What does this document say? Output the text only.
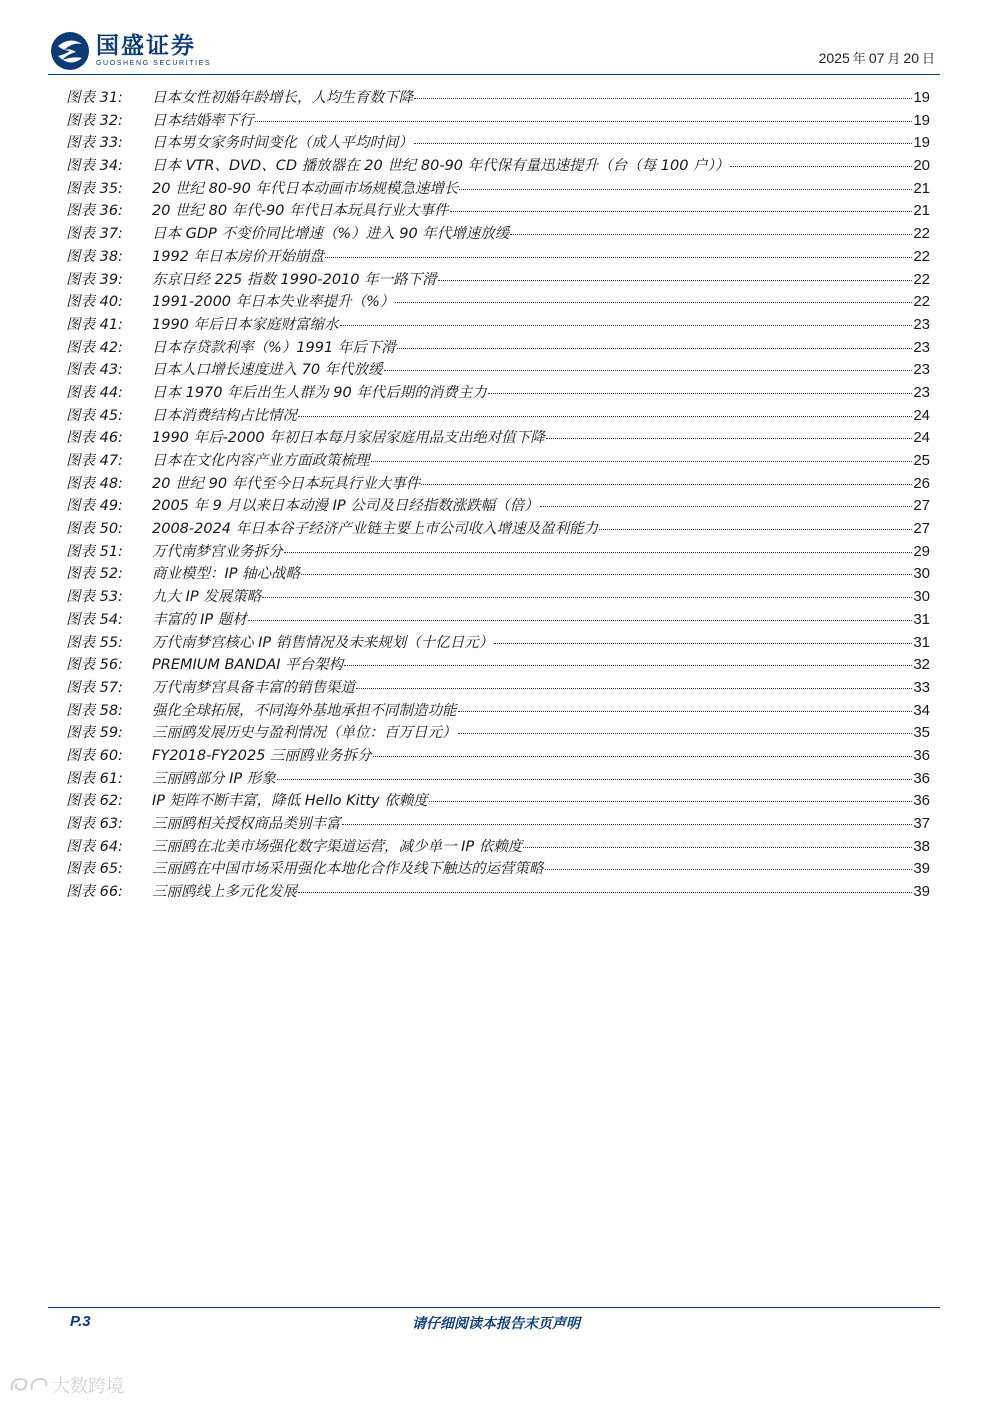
国盛证券
GUOSHENG SECURITIES	2025 年 07 月 20 日
图表 31:	日本女性初婚年龄增长，人均生育数下降	19
图表 32:	日本结婚率下行	19
图表 33:	日本男女家务时间变化（成人平均时间）	19
图表 34:	日本 VTR、DVD、CD 播放器在 20 世纪 80-90 年代保有量迅速提升（台（每 100 户））	20
图表 35:	20 世纪 80-90 年代日本动画市场规模急速增长	21
图表 36:	20 世纪 80 年代-90 年代日本玩具行业大事件	21
图表 37:	日本 GDP 不变价同比增速（%）进入 90 年代增速放缓	22
图表 38:	1992 年日本房价开始崩盘	22
图表 39:	东京日经 225 指数 1990-2010 年一路下滑	22
图表 40:	1991-2000 年日本失业率提升（%）	22
图表 41:	1990 年后日本家庭财富缩水	23
图表 42:	日本存贷款利率（%）1991 年后下滑	23
图表 43:	日本人口增长速度进入 70 年代放缓	23
图表 44:	日本 1970 年后出生人群为 90 年代后期的消费主力	23
图表 45:	日本消费结构占比情况	24
图表 46:	1990 年后-2000 年初日本每月家居家庭用品支出绝对值下降	24
图表 47:	日本在文化内容产业方面政策梳理	25
图表 48:	20 世纪 90 年代至今日本玩具行业大事件	26
图表 49:	2005 年 9 月以来日本动漫 IP 公司及日经指数涨跌幅（倍）	27
图表 50:	2008-2024 年日本谷子经济产业链主要上市公司收入增速及盈利能力	27
图表 51:	万代南梦宫业务拆分	29
图表 52:	商业模型：IP 轴心战略	30
图表 53:	九大 IP 发展策略	30
图表 54:	丰富的 IP 题材	31
图表 55:	万代南梦宫核心 IP 销售情况及未来规划（十亿日元）	31
图表 56:	PREMIUM BANDAI 平台架构	32
图表 57:	万代南梦宫具备丰富的销售渠道	33
图表 58:	强化全球拓展，不同海外基地承担不同制造功能	34
图表 59:	三丽鸥发展历史与盈利情况（单位：百万日元）	35
图表 60:	FY2018-FY2025 三丽鸥业务拆分	36
图表 61:	三丽鸥部分 IP 形象	36
图表 62:	IP 矩阵不断丰富，降低 Hello Kitty 依赖度	36
图表 63:	三丽鸥相关授权商品类别丰富	37
图表 64:	三丽鸥在北美市场强化数字渠道运营，减少单一 IP 依赖度	38
图表 65:	三丽鸥在中国市场采用强化本地化合作及线下触达的运营策略	39
图表 66:	三丽鸥线上多元化发展	39
P.3	请仔细阅读本报告末页声明
大数跨境
